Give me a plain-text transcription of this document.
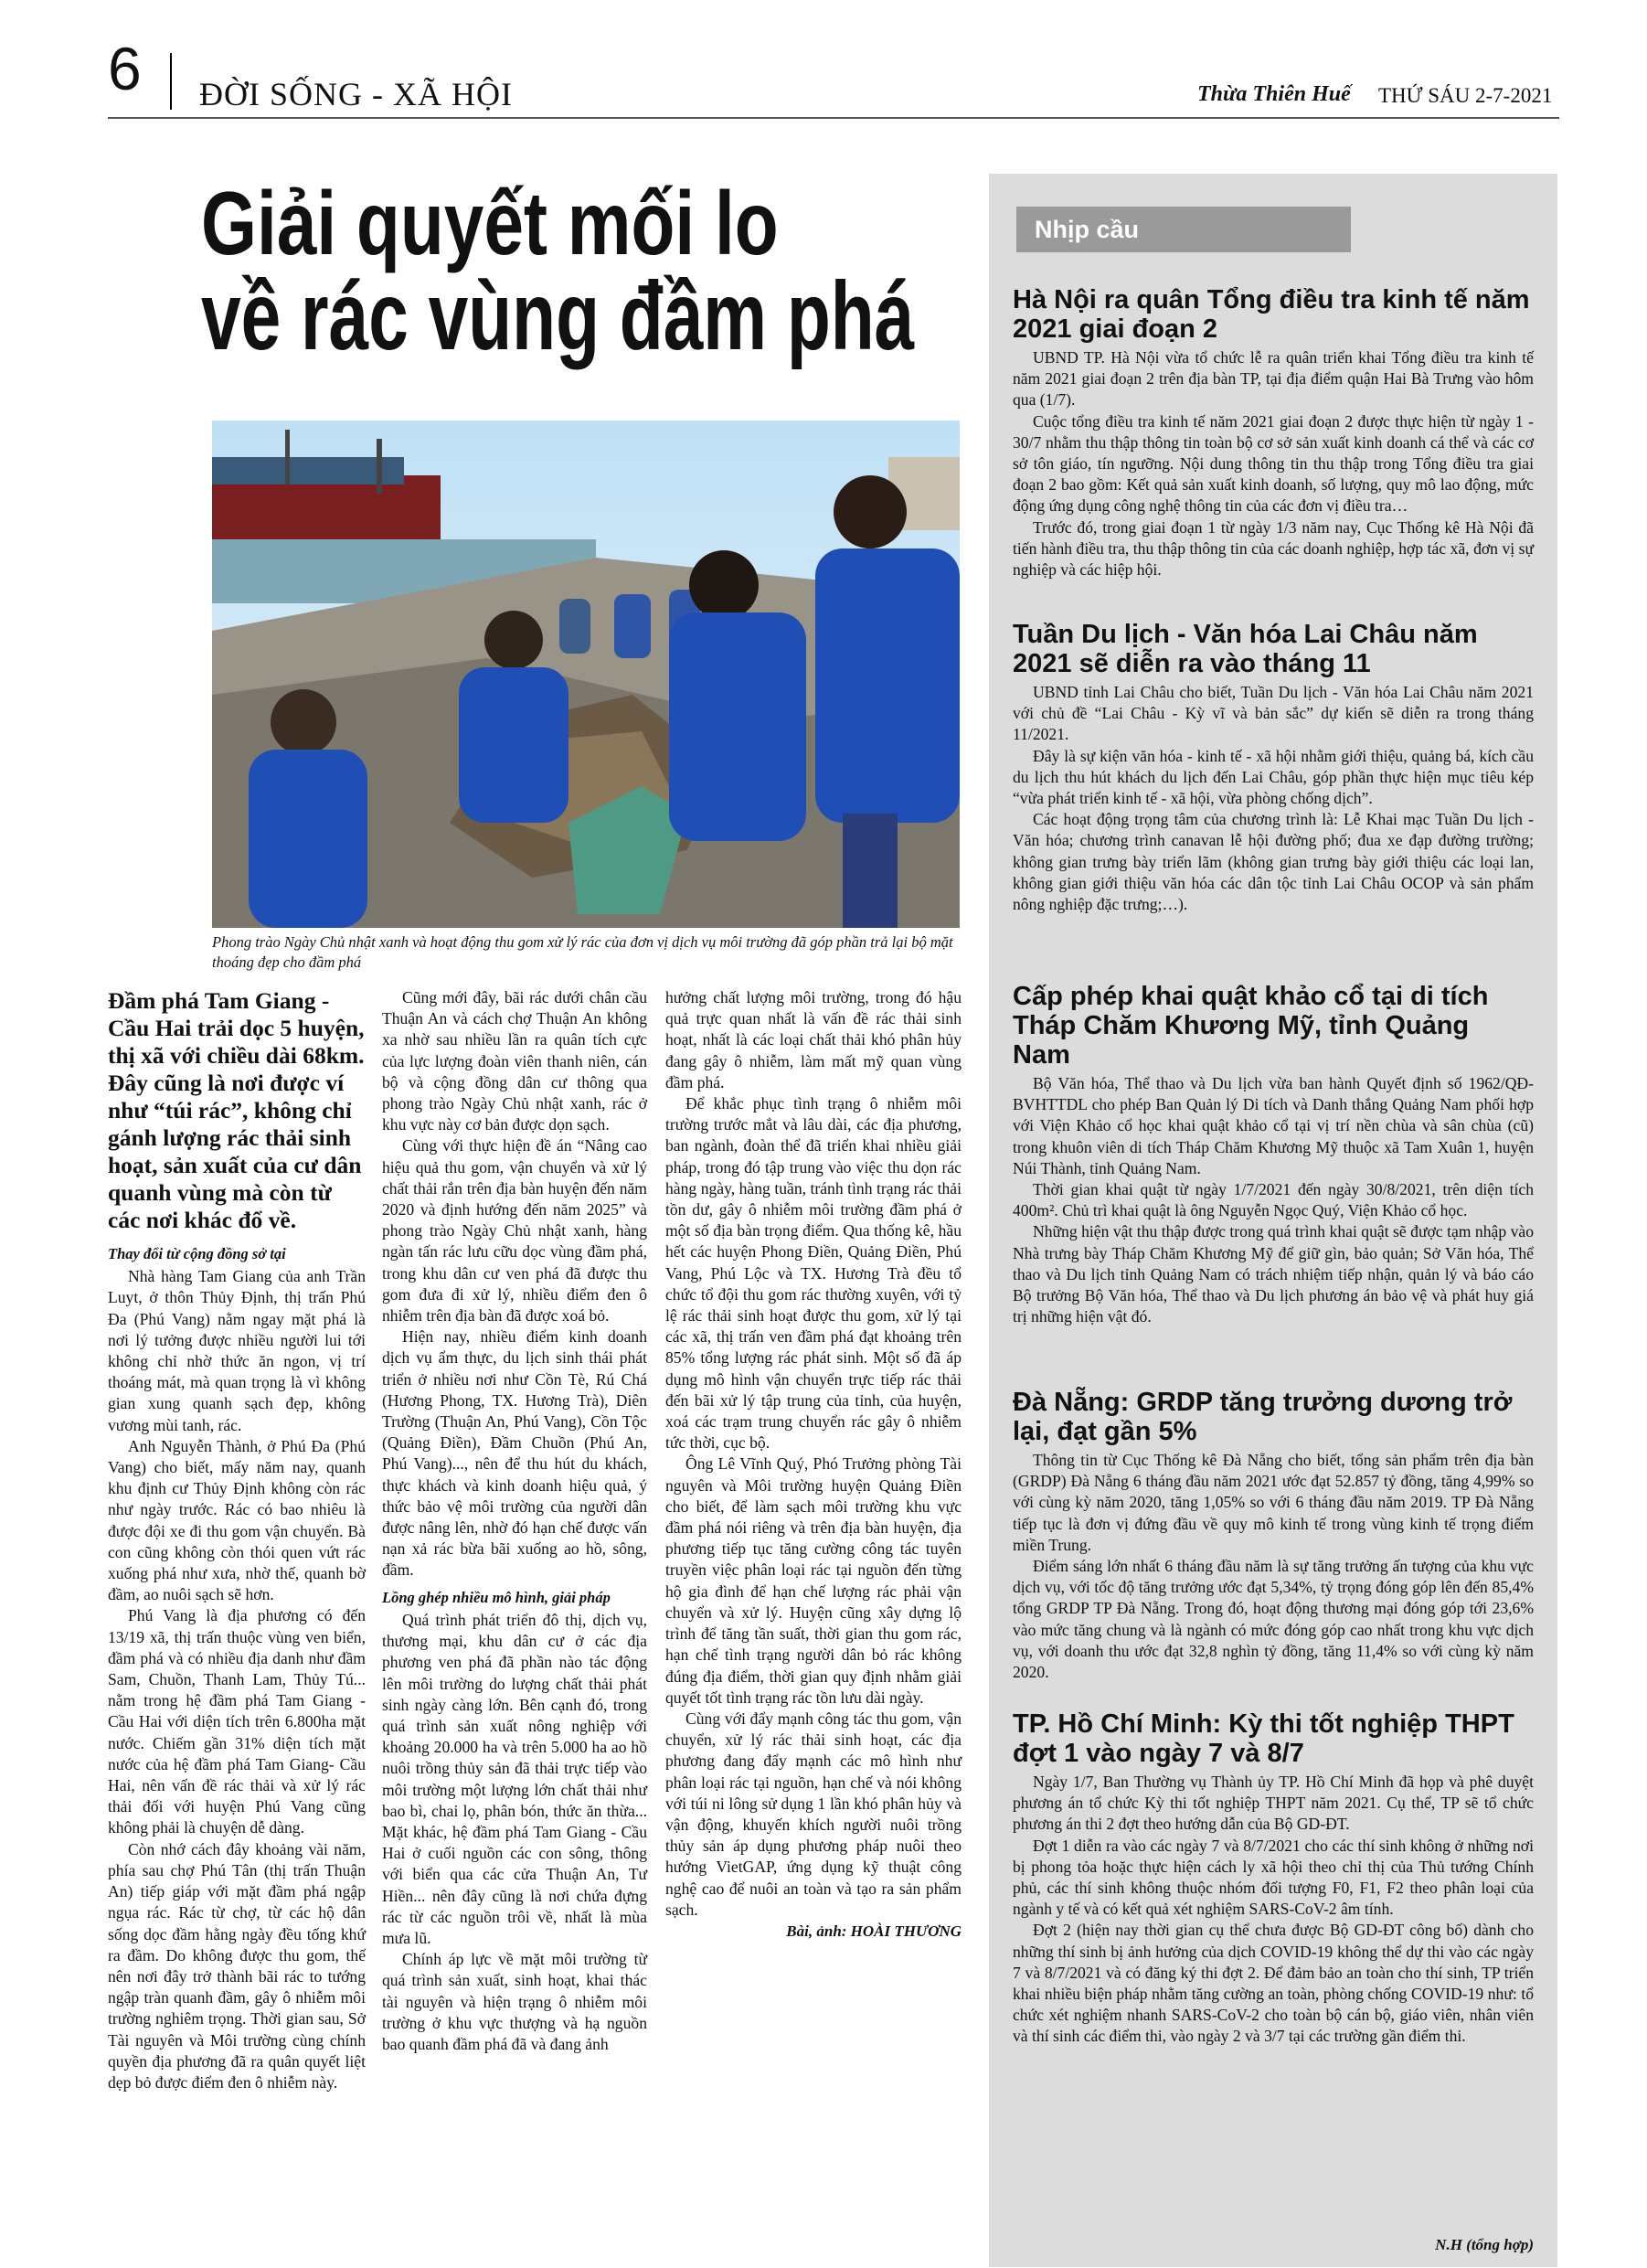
6 ĐỜI SỐNG - XÃ HỘI	Thừa Thiên Huế THỨ SÁU 2-7-2021
Giải quyết mối lo
về rác vùng đầm phá
Phong trào Ngày Chủ nhật xanh và hoạt động thu gom xử lý rác của đơn vị dịch vụ môi trường đã góp phần trả lại bộ mặt thoáng đẹp cho đầm phá
Đầm phá Tam Giang - Cầu Hai trải dọc 5 huyện, thị xã với chiều dài 68km. Đây cũng là nơi được ví như “túi rác”, không chỉ gánh lượng rác thải sinh hoạt, sản xuất của cư dân quanh vùng mà còn từ các nơi khác đổ về.
Thay đổi từ cộng đồng sở tại

Nhà hàng Tam Giang của anh Trần Luyt, ở thôn Thủy Định, thị trấn Phú Đa (Phú Vang) nằm ngay mặt phá là nơi lý tưởng được nhiều người lui tới không chỉ nhờ thức ăn ngon, vị trí thoáng mát, mà quan trọng là vì không gian xung quanh sạch đẹp, không vương mùi tanh, rác.

Anh Nguyễn Thành, ở Phú Đa (Phú Vang) cho biết, mấy năm nay, quanh khu định cư Thủy Định không còn rác như ngày trước. Rác có bao nhiêu là được đội xe đi thu gom vận chuyển. Bà con cũng không còn thói quen vứt rác xuống phá như xưa, nhờ thế, quanh bờ đầm, ao nuôi sạch sẽ hơn.

Phú Vang là địa phương có đến 13/19 xã, thị trấn thuộc vùng ven biển, đầm phá và có nhiều địa danh như đầm Sam, Chuồn, Thanh Lam, Thủy Tú... nằm trong hệ đầm phá Tam Giang - Cầu Hai với diện tích trên 6.800ha mặt nước. Chiếm gần 31% diện tích mặt nước của hệ đầm phá Tam Giang- Cầu Hai, nên vấn đề rác thải và xử lý rác thải đối với huyện Phú Vang cũng không phải là chuyện dễ dàng.

Còn nhớ cách đây khoảng vài năm, phía sau chợ Phú Tân (thị trấn Thuận An) tiếp giáp với mặt đầm phá ngập ngụa rác. Rác từ chợ, từ các hộ dân sống dọc đầm hằng ngày đều tống khứ ra đầm. Do không được thu gom, thế nên nơi đây trở thành bãi rác to tướng ngập tràn quanh đầm, gây ô nhiễm môi trường nghiêm trọng. Thời gian sau, Sở Tài nguyên và Môi trường cùng chính quyền địa phương đã ra quân quyết liệt dẹp bỏ được điểm đen ô nhiễm này.

Cũng mới đây, bãi rác dưới chân cầu Thuận An và cách chợ Thuận An không xa nhờ sau nhiều lần ra quân tích cực của lực lượng đoàn viên thanh niên, cán bộ và cộng đồng dân cư thông qua phong trào Ngày Chủ nhật xanh, rác ở khu vực này cơ bản được dọn sạch.

Cùng với thực hiện đề án “Nâng cao hiệu quả thu gom, vận chuyển và xử lý chất thải rắn trên địa bàn huyện đến năm 2020 và định hướng đến năm 2025” và phong trào Ngày Chủ nhật xanh, hàng ngàn tấn rác lưu cữu dọc vùng đầm phá, trong khu dân cư ven phá đã được thu gom đưa đi xử lý, nhiều điểm đen ô nhiễm trên địa bàn đã được xoá bỏ.

Hiện nay, nhiều điểm kinh doanh dịch vụ ẩm thực, du lịch sinh thái phát triển ở nhiều nơi như Cồn Tè, Rú Chá (Hương Phong, TX. Hương Trà), Diên Trường (Thuận An, Phú Vang), Cồn Tộc (Quảng Điền), Đầm Chuồn (Phú An, Phú Vang)..., nên để thu hút du khách, thực khách và kinh doanh hiệu quả, ý thức bảo vệ môi trường của người dân được nâng lên, nhờ đó hạn chế được vấn nạn xả rác bừa bãi xuống ao hồ, sông, đầm.

Lồng ghép nhiều mô hình, giải pháp

Quá trình phát triển đô thị, dịch vụ, thương mại, khu dân cư ở các địa phương ven phá đã phần nào tác động lên môi trường do lượng chất thải phát sinh ngày càng lớn. Bên cạnh đó, trong quá trình sản xuất nông nghiệp với khoảng 20.000 ha và trên 5.000 ha ao hồ nuôi trồng thủy sản đã thải trực tiếp vào môi trường một lượng lớn chất thải như bao bì, chai lọ, phân bón, thức ăn thừa... Mặt khác, hệ đầm phá Tam Giang - Cầu Hai ở cuối nguồn các con sông, thông với biển qua các cửa Thuận An, Tư Hiền... nên đây cũng là nơi chứa đựng rác từ các nguồn trôi về, nhất là mùa mưa lũ.

Chính áp lực về mặt môi trường từ quá trình sản xuất, sinh hoạt, khai thác tài nguyên và hiện trạng ô nhiễm môi trường ở khu vực thượng và hạ nguồn bao quanh đầm phá đã và đang ảnh

hưởng chất lượng môi trường, trong đó hậu quả trực quan nhất là vấn đề rác thải sinh hoạt, nhất là các loại chất thải khó phân hủy đang gây ô nhiễm, làm mất mỹ quan vùng đầm phá.

Để khắc phục tình trạng ô nhiễm môi trường trước mắt và lâu dài, các địa phương, ban ngành, đoàn thể đã triển khai nhiều giải pháp, trong đó tập trung vào việc thu dọn rác hàng ngày, hàng tuần, tránh tình trạng rác thải tồn dư, gây ô nhiễm môi trường đầm phá ở một số địa bàn trọng điểm. Qua thống kê, hầu hết các huyện Phong Điền, Quảng Điền, Phú Vang, Phú Lộc và TX. Hương Trà đều tổ chức tổ đội thu gom rác thường xuyên, với tỷ lệ rác thải sinh hoạt được thu gom, xử lý tại các xã, thị trấn ven đầm phá đạt khoảng trên 85% tổng lượng rác phát sinh. Một số đã áp dụng mô hình vận chuyển trực tiếp rác thải đến bãi xử lý tập trung của tỉnh, của huyện, xoá các trạm trung chuyển rác gây ô nhiễm tức thời, cục bộ.

Ông Lê Vĩnh Quý, Phó Trưởng phòng Tài nguyên và Môi trường huyện Quảng Điền cho biết, để làm sạch môi trường khu vực đầm phá nói riêng và trên địa bàn huyện, địa phương tiếp tục tăng cường công tác tuyên truyền việc phân loại rác tại nguồn đến từng hộ gia đình để hạn chế lượng rác phải vận chuyển và xử lý. Huyện cũng xây dựng lộ trình để tăng tần suất, thời gian thu gom rác, hạn chế tình trạng người dân bỏ rác không đúng địa điểm, thời gian quy định nhằm giải quyết tốt tình trạng rác tồn lưu dài ngày.

Cùng với đẩy mạnh công tác thu gom, vận chuyển, xử lý rác thải sinh hoạt, các địa phương đang đẩy mạnh các mô hình như phân loại rác tại nguồn, hạn chế và nói không với túi ni lông sử dụng 1 lần khó phân hủy và vận động, khuyến khích người nuôi trồng thủy sản áp dụng phương pháp nuôi theo hướng VietGAP, ứng dụng kỹ thuật công nghệ cao để nuôi an toàn và tạo ra sản phẩm sạch.

Bài, ảnh: HOÀI THƯƠNG
Nhịp cầu
Hà Nội ra quân Tổng điều tra kinh tế năm 2021 giai đoạn 2

UBND TP. Hà Nội vừa tổ chức lễ ra quân triển khai Tổng điều tra kinh tế năm 2021 giai đoạn 2 trên địa bàn TP, tại địa điểm quận Hai Bà Trưng vào hôm qua (1/7).

Cuộc tổng điều tra kinh tế năm 2021 giai đoạn 2 được thực hiện từ ngày 1 - 30/7 nhằm thu thập thông tin toàn bộ cơ sở sản xuất kinh doanh cá thể và các cơ sở tôn giáo, tín ngưỡng. Nội dung thông tin thu thập trong Tổng điều tra giai đoạn 2 bao gồm: Kết quả sản xuất kinh doanh, số lượng, quy mô lao động, mức động ứng dụng công nghệ thông tin của các đơn vị điều tra…

Trước đó, trong giai đoạn 1 từ ngày 1/3 năm nay, Cục Thống kê Hà Nội đã tiến hành điều tra, thu thập thông tin của các doanh nghiệp, hợp tác xã, đơn vị sự nghiệp và các hiệp hội.

Tuần Du lịch - Văn hóa Lai Châu năm 2021 sẽ diễn ra vào tháng 11

UBND tỉnh Lai Châu cho biết, Tuần Du lịch - Văn hóa Lai Châu năm 2021 với chủ đề “Lai Châu - Kỳ vĩ và bản sắc” dự kiến sẽ diễn ra trong tháng 11/2021.

Đây là sự kiện văn hóa - kinh tế - xã hội nhằm giới thiệu, quảng bá, kích cầu du lịch thu hút khách du lịch đến Lai Châu, góp phần thực hiện mục tiêu kép “vừa phát triển kinh tế - xã hội, vừa phòng chống dịch”.

Các hoạt động trọng tâm của chương trình là: Lễ Khai mạc Tuần Du lịch - Văn hóa; chương trình canavan lễ hội đường phố; đua xe đạp đường trường; không gian trưng bày triển lãm (không gian trưng bày giới thiệu các loại lan, không gian giới thiệu văn hóa các dân tộc tỉnh Lai Châu OCOP và sản phẩm nông nghiệp đặc trưng;…).

Cấp phép khai quật khảo cổ tại di tích Tháp Chăm Khương Mỹ, tỉnh Quảng Nam

Bộ Văn hóa, Thể thao và Du lịch vừa ban hành Quyết định số 1962/QĐ-BVHTTDL cho phép Ban Quản lý Di tích và Danh thắng Quảng Nam phối hợp với Viện Khảo cổ học khai quật khảo cổ tại vị trí nền chùa và sân chùa (cũ) trong khuôn viên di tích Tháp Chăm Khương Mỹ thuộc xã Tam Xuân 1, huyện Núi Thành, tỉnh Quảng Nam.

Thời gian khai quật từ ngày 1/7/2021 đến ngày 30/8/2021, trên diện tích 400m². Chủ trì khai quật là ông Nguyễn Ngọc Quý, Viện Khảo cổ học.

Những hiện vật thu thập được trong quá trình khai quật sẽ được tạm nhập vào Nhà trưng bày Tháp Chăm Khương Mỹ để giữ gìn, bảo quản; Sở Văn hóa, Thể thao và Du lịch tỉnh Quảng Nam có trách nhiệm tiếp nhận, quản lý và báo cáo Bộ trưởng Bộ Văn hóa, Thể thao và Du lịch phương án bảo vệ và phát huy giá trị những hiện vật đó.

Đà Nẵng: GRDP tăng trưởng dương trở lại, đạt gần 5%

Thông tin từ Cục Thống kê Đà Nẵng cho biết, tổng sản phẩm trên địa bàn (GRDP) Đà Nẵng 6 tháng đầu năm 2021 ước đạt 52.857 tỷ đồng, tăng 4,99% so với cùng kỳ năm 2020, tăng 1,05% so với 6 tháng đầu năm 2019. TP Đà Nẵng tiếp tục là đơn vị đứng đầu về quy mô kinh tế trong vùng kinh tế trọng điểm miền Trung.

Điểm sáng lớn nhất 6 tháng đầu năm là sự tăng trưởng ấn tượng của khu vực dịch vụ, với tốc độ tăng trưởng ước đạt 5,34%, tỷ trọng đóng góp lên đến 85,4% tổng GRDP TP Đà Nẵng. Trong đó, hoạt động thương mại đóng góp tới 23,6% vào mức tăng chung và là ngành có mức đóng góp cao nhất trong khu vực dịch vụ, với doanh thu ước đạt 32,8 nghìn tỷ đồng, tăng 11,4% so với cùng kỳ năm 2020.

TP. Hồ Chí Minh: Kỳ thi tốt nghiệp THPT đợt 1 vào ngày 7 và 8/7

Ngày 1/7, Ban Thường vụ Thành ủy TP. Hồ Chí Minh đã họp và phê duyệt phương án tổ chức Kỳ thi tốt nghiệp THPT năm 2021. Cụ thể, TP sẽ tổ chức phương án thi 2 đợt theo hướng dẫn của Bộ GD-ĐT.

Đợt 1 diễn ra vào các ngày 7 và 8/7/2021 cho các thí sinh không ở những nơi bị phong tỏa hoặc thực hiện cách ly xã hội theo chỉ thị của Thủ tướng Chính phủ, các thí sinh không thuộc nhóm đối tượng F0, F1, F2 theo phân loại của ngành y tế và có kết quả xét nghiệm SARS-CoV-2 âm tính.

Đợt 2 (hiện nay thời gian cụ thể chưa được Bộ GD-ĐT công bố) dành cho những thí sinh bị ảnh hưởng của dịch COVID-19 không thể dự thi vào các ngày 7 và 8/7/2021 và có đăng ký thi đợt 2. Để đảm bảo an toàn cho thí sinh, TP triển khai nhiều biện pháp nhằm tăng cường an toàn, phòng chống COVID-19 như: tổ chức xét nghiệm nhanh SARS-CoV-2 cho toàn bộ cán bộ, giáo viên, nhân viên và thí sinh các điểm thi, vào ngày 2 và 3/7 tại các trường gần điểm thi.

N.H (tổng hợp)
